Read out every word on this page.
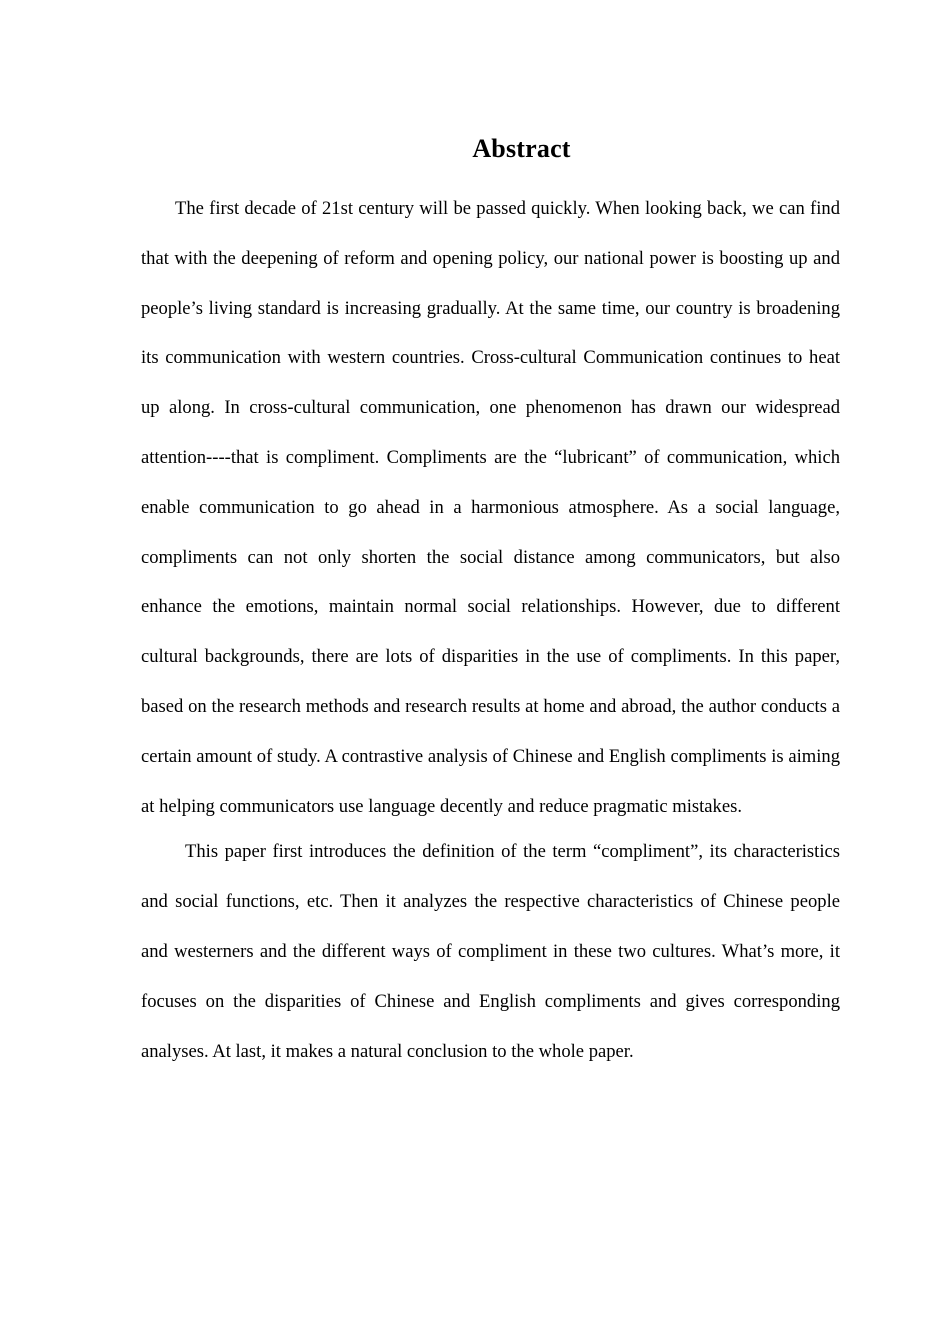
Abstract

The first decade of 21st century will be passed quickly. When looking back, we can find that with the deepening of reform and opening policy, our national power is boosting up and people’s living standard is increasing gradually. At the same time, our country is broadening its communication with western countries. Cross-cultural Communication continues to heat up along. In cross-cultural communication, one phenomenon has drawn our widespread attention----that is compliment. Compliments are the “lubricant” of communication, which enable communication to go ahead in a harmonious atmosphere. As a social language, compliments can not only shorten the social distance among communicators, but also enhance the emotions, maintain normal social relationships. However, due to different cultural backgrounds, there are lots of disparities in the use of compliments. In this paper, based on the research methods and research results at home and abroad, the author conducts a certain amount of study. A contrastive analysis of Chinese and English compliments is aiming at helping communicators use language decently and reduce pragmatic mistakes.

This paper first introduces the definition of the term “compliment”, its characteristics and social functions, etc. Then it analyzes the respective characteristics of Chinese people and westerners and the different ways of compliment in these two cultures. What’s more, it focuses on the disparities of Chinese and English compliments and gives corresponding analyses. At last, it makes a natural conclusion to the whole paper.
